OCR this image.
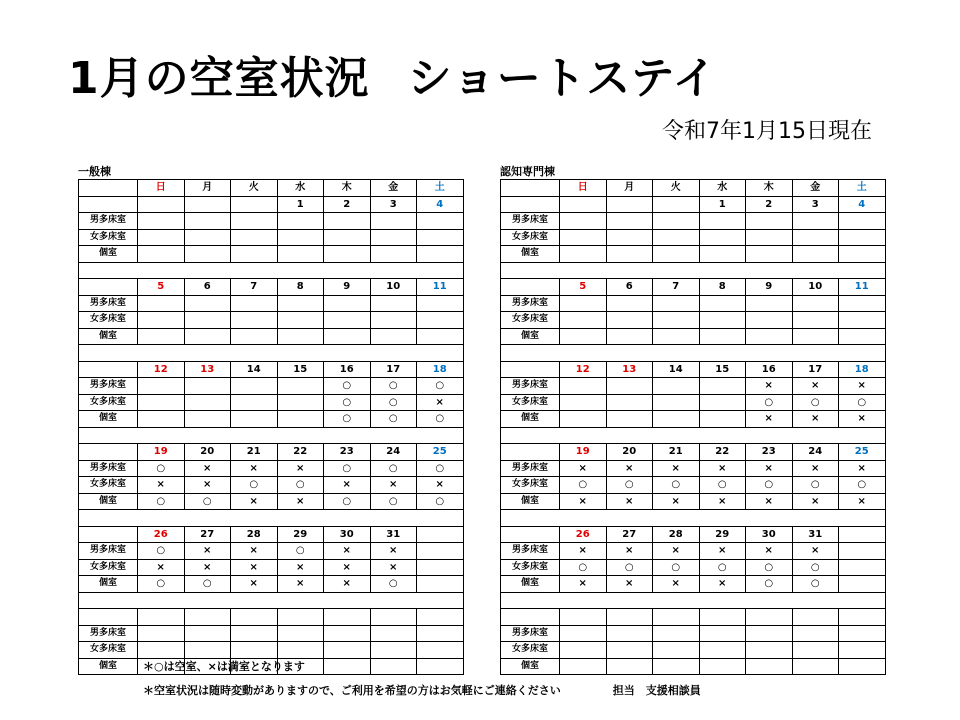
1月の空室状況 ショートステイ
令和7年1月15日現在
一般棟	認知専門棟
	日	月	火	水	木	金	土
				1	2	3	4
男多床室							
女多床室							
個室							

	5	6	7	8	9	10	11
男多床室							
女多床室							
個室							

	12	13	14	15	16	17	18
男多床室					○	○	○
女多床室					○	○	×
個室					○	○	○

	19	20	21	22	23	24	25
男多床室	○	×	×	×	○	○	○
女多床室	×	×	○	○	×	×	×
個室	○	○	×	×	○	○	○

	26	27	28	29	30	31	
男多床室	○	×	×	○	×	×	
女多床室	×	×	×	×	×	×	
個室	○	○	×	×	×	○	

男多床室							
女多床室							
個室							
	日	月	火	水	木	金	土
				1	2	3	4
男多床室							
女多床室							
個室							

	5	6	7	8	9	10	11
男多床室							
女多床室							
個室							

	12	13	14	15	16	17	18
男多床室					×	×	×
女多床室					○	○	○
個室					×	×	×

	19	20	21	22	23	24	25
男多床室	×	×	×	×	×	×	×
女多床室	○	○	○	○	○	○	○
個室	×	×	×	×	×	×	×

	26	27	28	29	30	31	
男多床室	×	×	×	×	×	×	
女多床室	○	○	○	○	○	○	
個室	×	×	×	×	○	○	

男多床室							
女多床室							
個室							
＊○は空室、×は満室となります
＊空室状況は随時変動がありますので、ご利用を希望の方はお気軽にご連絡ください	担当　支援相談員
